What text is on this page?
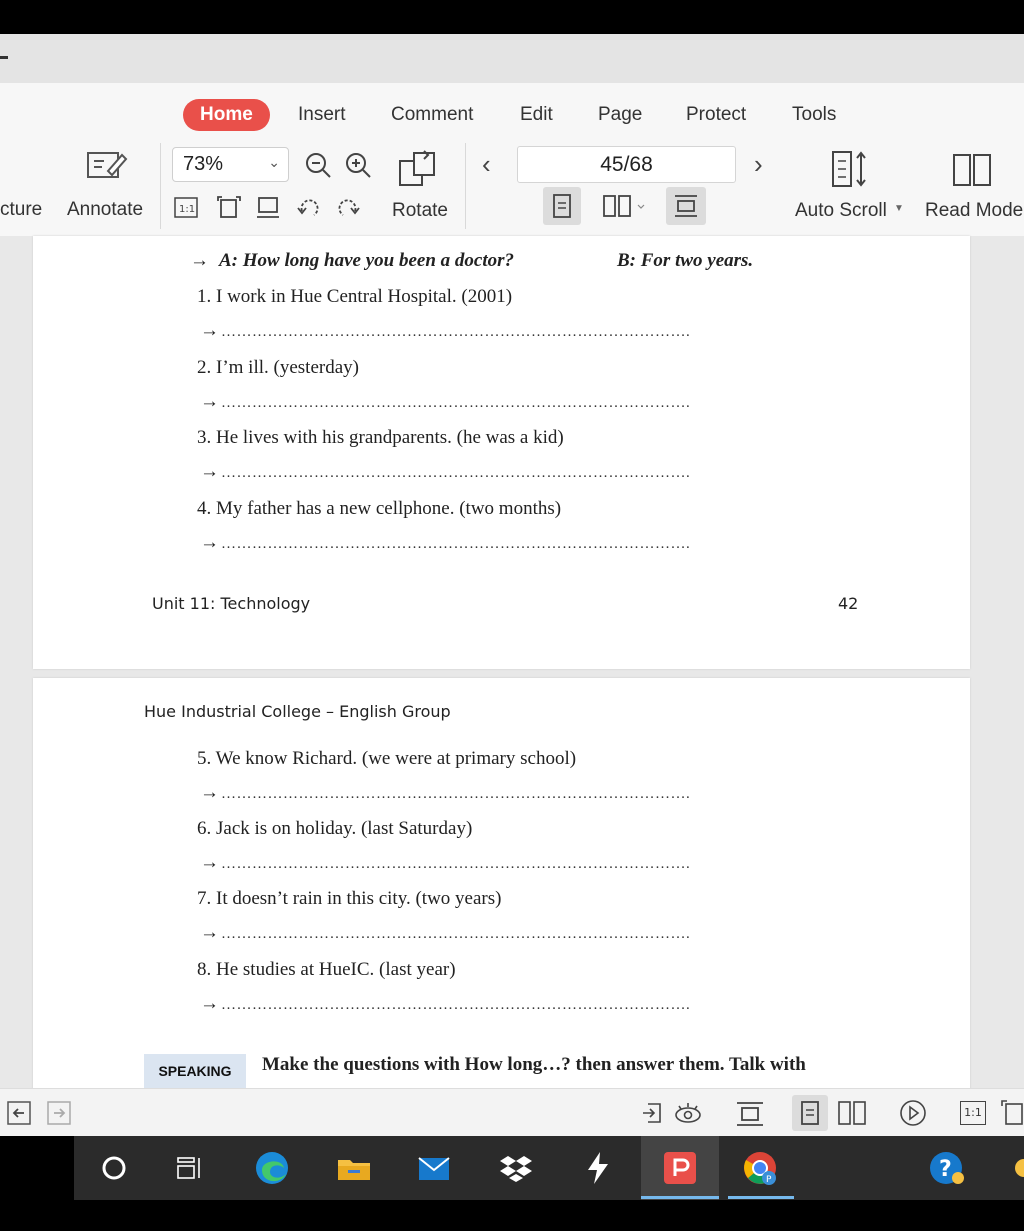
Home	Insert Comment Edit Page Protect Tools
cture Annotate
73%	⌄
1:1	Rotate
‹	45/68	›
Auto Scroll ▼ Read Mode
→ A: How long have you been a doctor?	B: For two years.
1. I work in Hue Central Hospital. (2001)
→ ……………………………………………………………………………….
2. I’m ill. (yesterday)
→ ……………………………………………………………………………….
3. He lives with his grandparents. (he was a kid)
→ ……………………………………………………………………………….
4. My father has a new cellphone. (two months)
→ ……………………………………………………………………………….
Unit 11: Technology	42
Hue Industrial College – English Group
5. We know Richard. (we were at primary school)
→ ……………………………………………………………………………….
6. Jack is on holiday. (last Saturday)
→ ……………………………………………………………………………….
7. It doesn’t rain in this city. (two years)
→ ……………………………………………………………………………….
8. He studies at HueIC. (last year)
→ ……………………………………………………………………………….
SPEAKING	Make the questions with How long…? then answer them. Talk with
1:1
P	?
